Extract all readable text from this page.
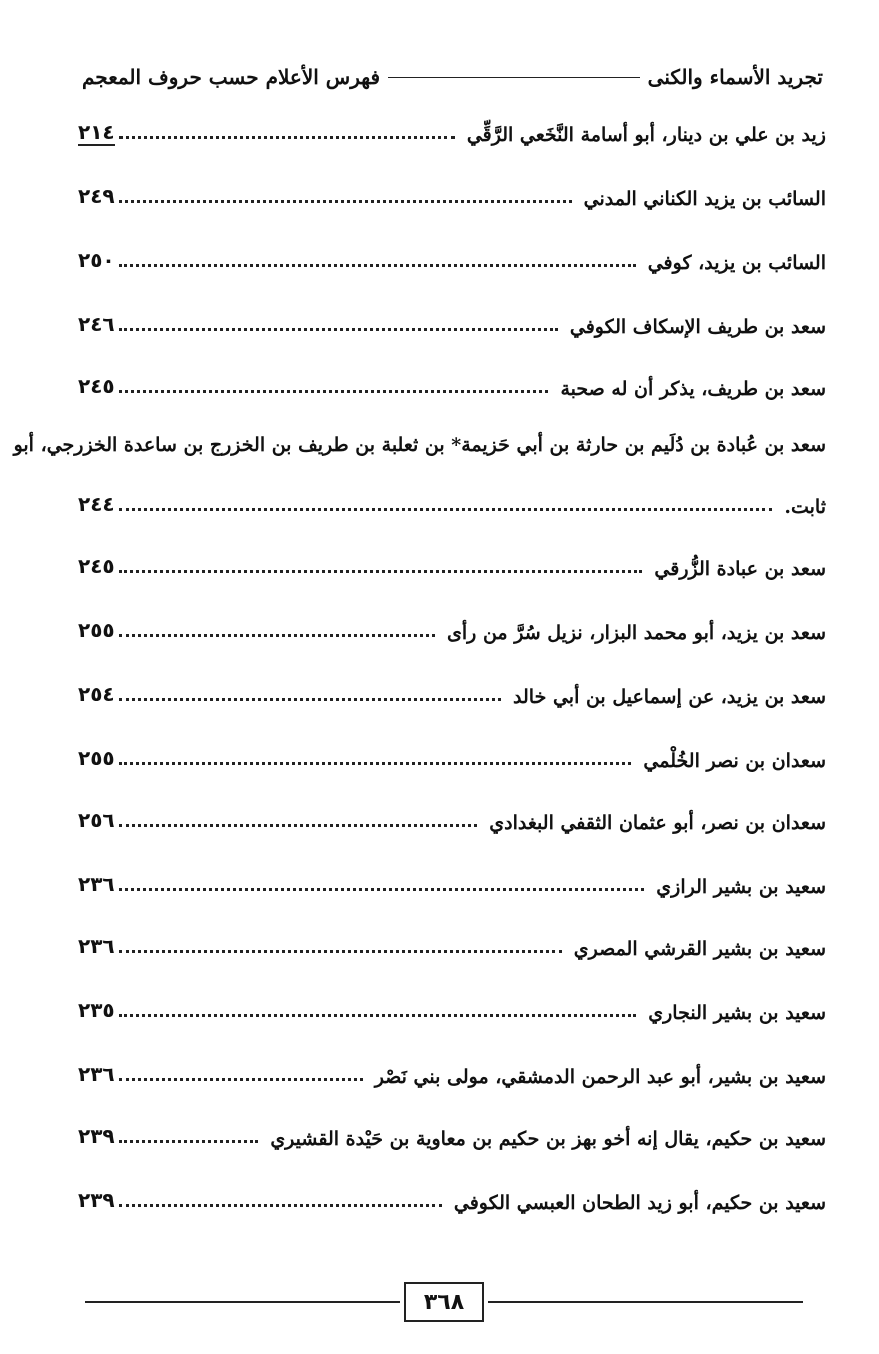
تجريد الأسماء والكنى
فهرس الأعلام حسب حروف المعجم
زيد بن علي بن دينار، أبو أسامة النَّخَعي الرَّقِّي
٢١٤
السائب بن يزيد الكناني المدني
٢٤٩
السائب بن يزيد، كوفي
٢٥٠
سعد بن طريف الإسكاف الكوفي
٢٤٦
سعد بن طريف، يذكر أن له صحبة
٢٤٥
سعد بن عُبادة بن دُلَيم بن حارثة بن أبي حَزيمة* بن ثعلبة بن طريف بن الخزرج بن ساعدة الخزرجي، أبو
ثابت.
٢٤٤
سعد بن عبادة الزُّرقي
٢٤٥
سعد بن يزيد، أبو محمد البزار، نزيل سُرَّ من رأى
٢٥٥
سعد بن يزيد، عن إسماعيل بن أبي خالد
٢٥٤
سعدان بن نصر الخُلْمي
٢٥٥
سعدان بن نصر، أبو عثمان الثقفي البغدادي
٢٥٦
سعيد بن بشير الرازي
٢٣٦
سعيد بن بشير القرشي المصري
٢٣٦
سعيد بن بشير النجاري
٢٣٥
سعيد بن بشير، أبو عبد الرحمن الدمشقي، مولى بني نَصْر
٢٣٦
سعيد بن حكيم، يقال إنه أخو بهز بن حكيم بن معاوية بن حَيْدة القشيري
٢٣٩
سعيد بن حكيم، أبو زيد الطحان العبسي الكوفي
٢٣٩
٣٦٨
